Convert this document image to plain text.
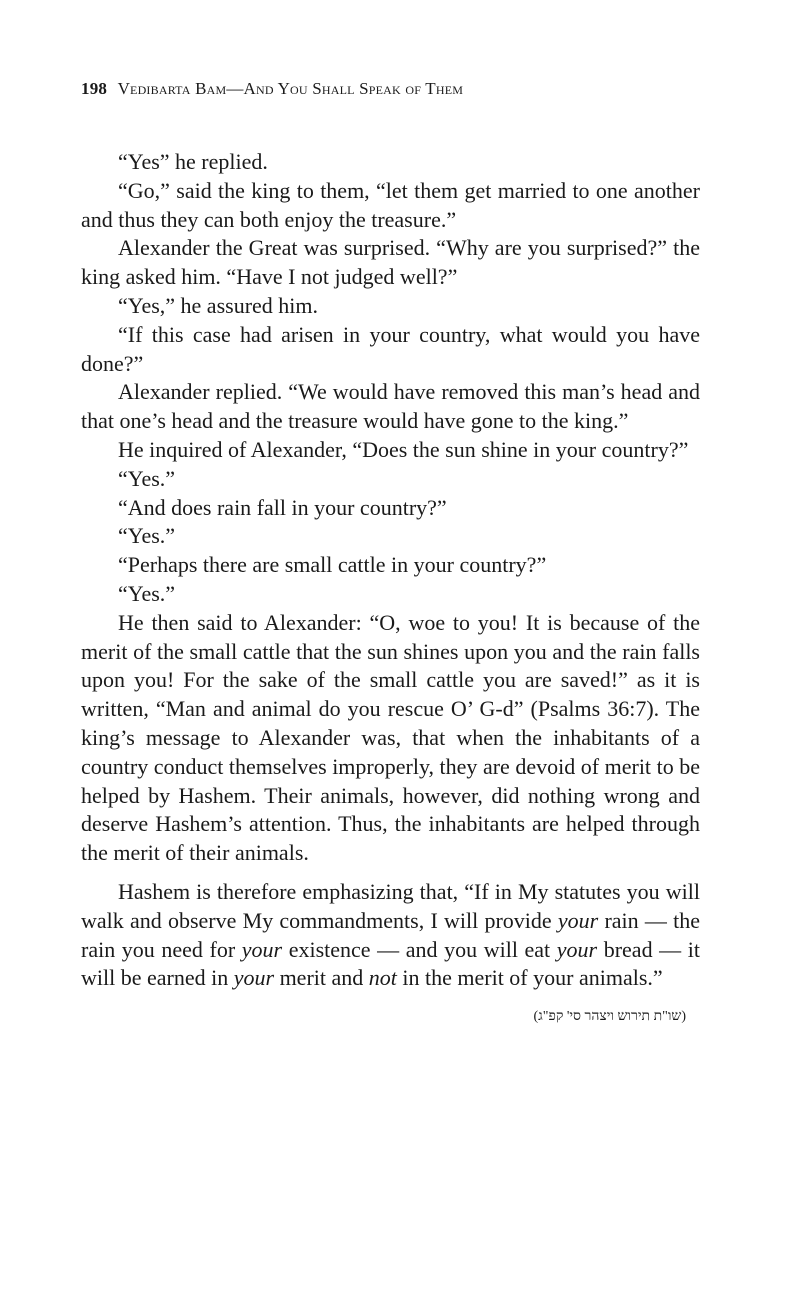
198 Vedibarta Bam—And You Shall Speak of Them

“Yes” he replied.

“Go,” said the king to them, “let them get married to one another and thus they can both enjoy the treasure.”

Alexander the Great was surprised. “Why are you surprised?” the king asked him. “Have I not judged well?”

“Yes,” he assured him.

“If this case had arisen in your country, what would you have done?”

Alexander replied. “We would have removed this man’s head and that one’s head and the treasure would have gone to the king.”

He inquired of Alexander, “Does the sun shine in your country?”

“Yes.”

“And does rain fall in your country?”

“Yes.”

“Perhaps there are small cattle in your country?”

“Yes.”

He then said to Alexander: “O, woe to you! It is because of the merit of the small cattle that the sun shines upon you and the rain falls upon you! For the sake of the small cattle you are saved!” as it is written, “Man and animal do you rescue O’ G-d” (Psalms 36:7). The king’s message to Alexander was, that when the inhabitants of a country conduct themselves improperly, they are devoid of merit to be helped by Hashem. Their animals, however, did nothing wrong and deserve Hashem’s attention. Thus, the inhabitants are helped through the merit of their animals.

Hashem is therefore emphasizing that, “If in My statutes you will walk and observe My commandments, I will provide your rain — the rain you need for your existence — and you will eat your bread — it will be earned in your merit and not in the merit of your animals.”

(שו"ת תירוש ויצהר סי' קפ"ג)
